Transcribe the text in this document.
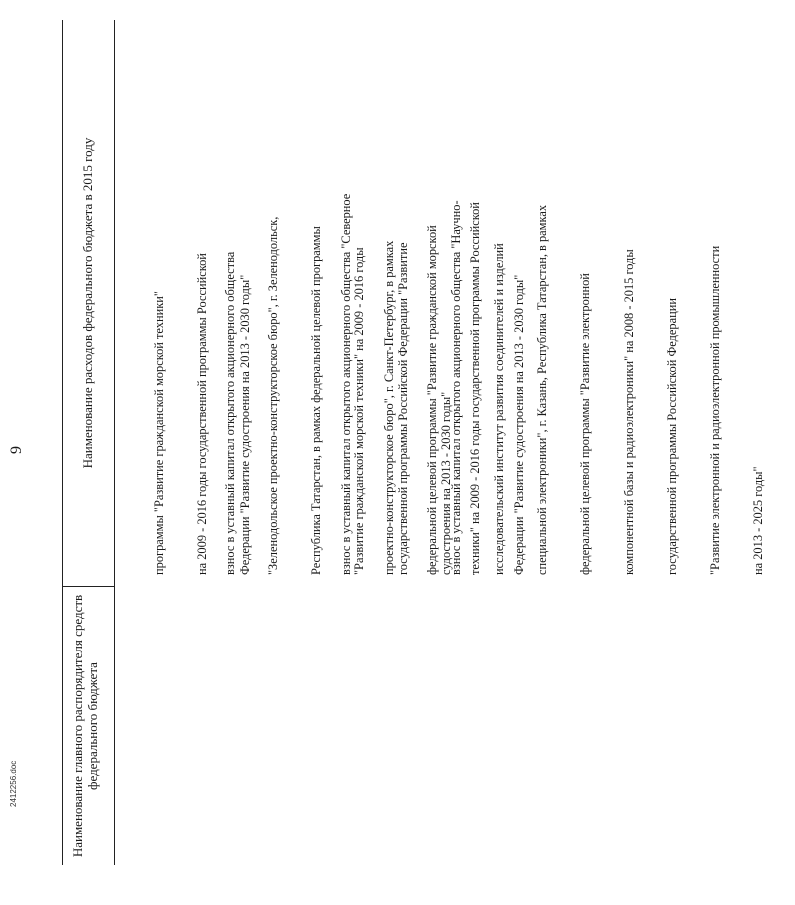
9
Наименование главного распорядителя средств федерального бюджета
Наименование расходов федерального бюджета в 2015 году

	программы "Развитие гражданской морской техники"

на 2009 - 2016 годы государственной программы Российской

Федерации "Развитие судостроения на 2013 - 2030 годы"

взнос в уставный капитал открытого акционерного общества

"Зеленодольское проектно-конструкторское бюро", г. Зеленодольск,

Республика Татарстан, в рамках федеральной целевой программы

"Развитие гражданской морской техники" на 2009 - 2016 годы

государственной программы Российской Федерации "Развитие

судостроения на 2013 - 2030 годы"

взнос в уставный капитал открытого акционерного общества "Северное

проектно-конструкторское бюро", г. Санкт-Петербург, в рамках

федеральной целевой программы "Развитие гражданской морской

техники" на 2009 - 2016 годы государственной программы Российской

Федерации "Развитие судостроения на 2013 - 2030 годы"

взнос в уставный капитал открытого акционерного общества "Научно-

исследовательский институт развития соединителей и изделий

специальной электроники", г. Казань, Республика Татарстан, в рамках

федеральной целевой программы "Развитие электронной

компонентной базы и радиоэлектроники" на 2008 - 2015 годы

государственной программы Российской Федерации

"Развитие электронной и радиоэлектронной промышленности

на 2013 - 2025 годы"

2412256.doc
